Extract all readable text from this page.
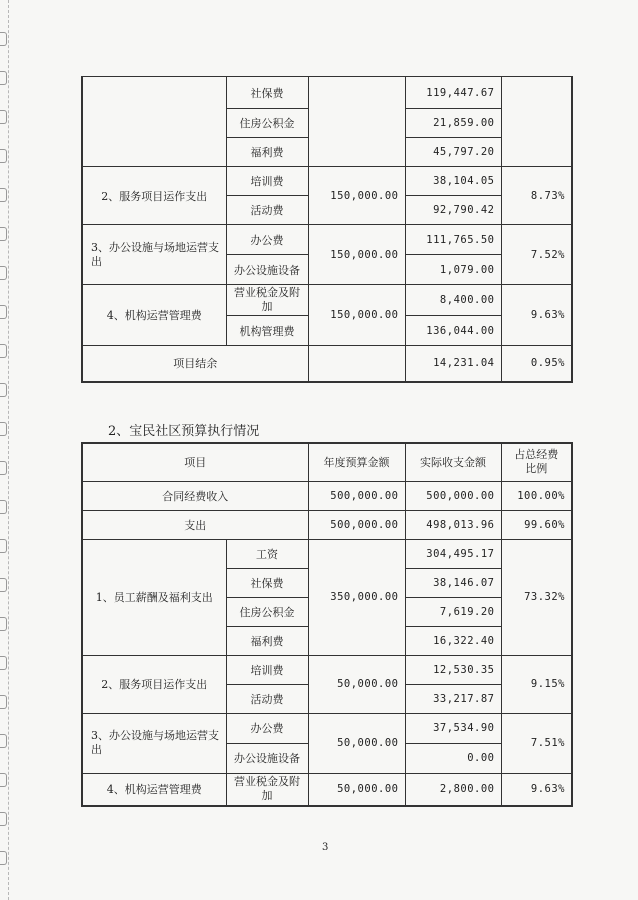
	社保费		119,447.67	
	住房公积金		21,859.00	
	福利费		45,797.20	
2、服务项目运作支出	培训费	150,000.00	38,104.05	8.73%
	活动费		92,790.42	
3、办公设施与场地运营支出	办公费	150,000.00	111,765.50	7.52%
	办公设施设备		1,079.00	
4、机构运营管理费	营业税金及附加	150,000.00	8,400.00	9.63%
	机构管理费		136,044.00	
项目结余			14,231.04	0.95%
2、宝民社区预算执行情况
项目		年度预算金额	实际收支金额	占总经费比例
合同经费收入		500,000.00	500,000.00	100.00%
支出		500,000.00	498,013.96	99.60%
1、员工薪酬及福利支出	工资	350,000.00	304,495.17	73.32%
	社保费		38,146.07	
	住房公积金		7,619.20	
	福利费		16,322.40	
2、服务项目运作支出	培训费	50,000.00	12,530.35	9.15%
	活动费		33,217.87	
3、办公设施与场地运营支出	办公费	50,000.00	37,534.90	7.51%
	办公设施设备		0.00	
4、机构运营管理费	营业税金及附加	50,000.00	2,800.00	9.63%
3
